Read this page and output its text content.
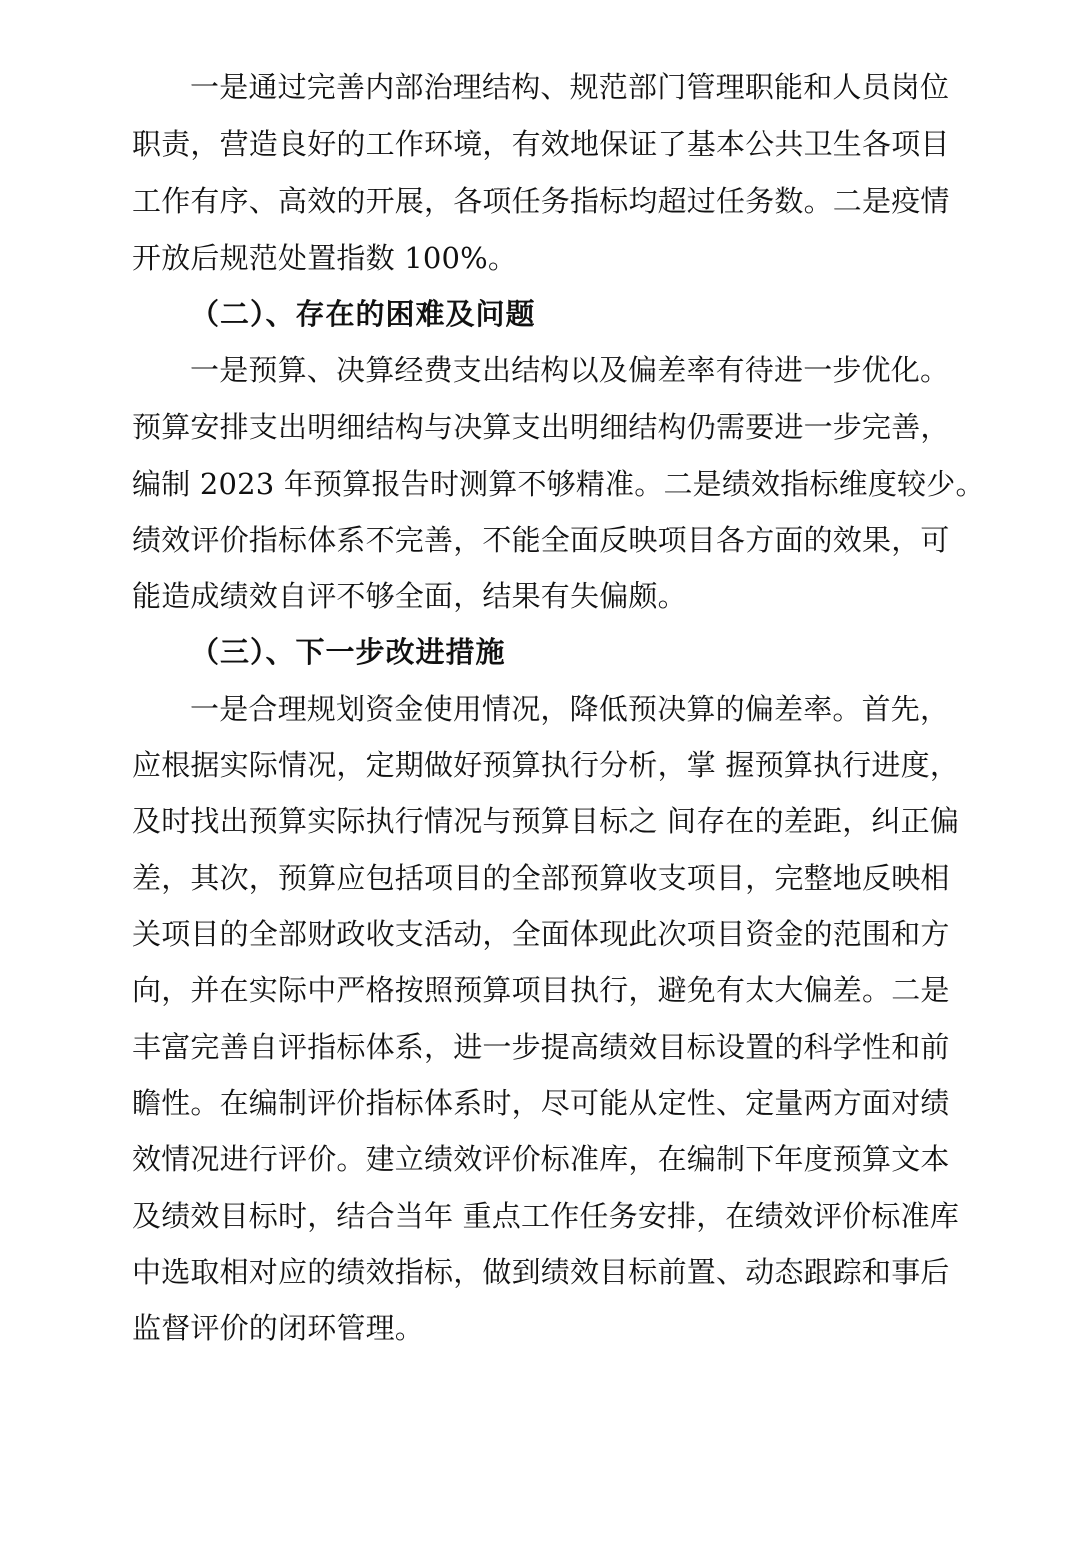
一是通过完善内部治理结构、规范部门管理职能和人员岗位
职责，营造良好的工作环境，有效地保证了基本公共卫生各项目
工作有序、高效的开展，各项任务指标均超过任务数。二是疫情
开放后规范处置指数 100%。
（二）、存在的困难及问题
一是预算、决算经费支出结构以及偏差率有待进一步优化。
预算安排支出明细结构与决算支出明细结构仍需要进一步完善，
编制 2023 年预算报告时测算不够精准。二是绩效指标维度较少。
绩效评价指标体系不完善，不能全面反映项目各方面的效果，可
能造成绩效自评不够全面，结果有失偏颇。
（三）、下一步改进措施
一是合理规划资金使用情况，降低预决算的偏差率。首先，
应根据实际情况，定期做好预算执行分析，掌 握预算执行进度，
及时找出预算实际执行情况与预算目标之 间存在的差距，纠正偏
差，其次，预算应包括项目的全部预算收支项目，完整地反映相
关项目的全部财政收支活动，全面体现此次项目资金的范围和方
向，并在实际中严格按照预算项目执行，避免有太大偏差。二是
丰富完善自评指标体系，进一步提高绩效目标设置的科学性和前
瞻性。在编制评价指标体系时，尽可能从定性、定量两方面对绩
效情况进行评价。建立绩效评价标准库，在编制下年度预算文本
及绩效目标时，结合当年 重点工作任务安排，在绩效评价标准库
中选取相对应的绩效指标，做到绩效目标前置、动态跟踪和事后
监督评价的闭环管理。
